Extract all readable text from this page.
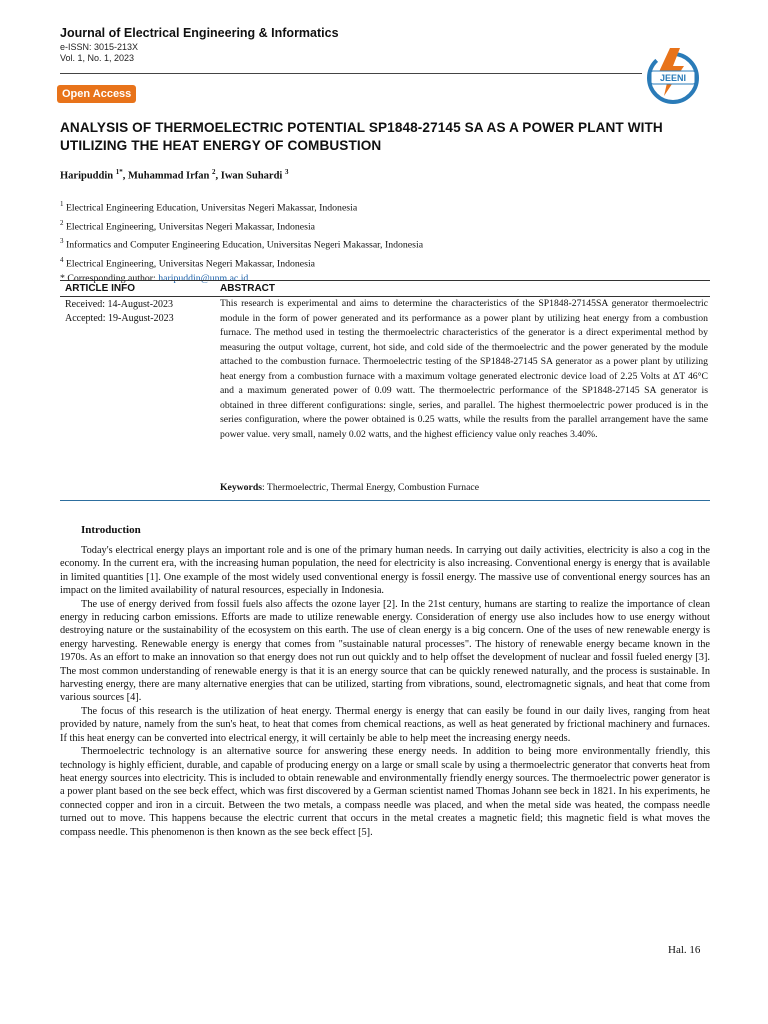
Journal of Electrical Engineering & Informatics
e-ISSN: 3015-213X
Vol. 1, No. 1, 2023
JEENI
Open Access
ANALYSIS OF THERMOELECTRIC POTENTIAL SP1848-27145 SA AS A POWER PLANT WITH UTILIZING THE HEAT ENERGY OF COMBUSTION
Haripuddin $^{1*}$, Muhammad Irfan $^2$, Iwan Suhardi $^3$
$^1$ Electrical Engineering Education, Universitas Negeri Makassar, Indonesia
$^2$ Electrical Engineering, Universitas Negeri Makassar, Indonesia
$^3$ Informatics and Computer Engineering Education, Universitas Negeri Makassar, Indonesia
$^4$ Electrical Engineering, Universitas Negeri Makassar, Indonesia
* Corresponding author: haripuddin@unm.ac.id
ARTICLE INFO	ABSTRACT
Received: 14-August-2023
Accepted: 19-August-2023

This research is experimental and aims to determine the characteristics of the SP1848-27145SA generator thermoelectric module in the form of power generated and its performance as a power plant by utilizing heat energy from a combustion furnace. The method used in testing the thermoelectric characteristics of the generator is a direct experimental method by measuring the output voltage, current, hot side, and cold side of the thermoelectric and the power generated by the module attached to the combustion furnace. Thermoelectric testing of the SP1848-27145 SA generator as a power plant by utilizing heat energy from a combustion furnace with a maximum voltage generated electronic device load of 2.25 Volts at ΔT 46°C and a maximum generated power of 0.09 watt. The thermoelectric performance of the SP1848-27145 SA generator is obtained in three different configurations: single, series, and parallel. The highest thermoelectric power produced is in the series configuration, where the power obtained is 0.25 watts, while the results from the parallel arrangement have the same power value. very small, namely 0.02 watts, and the highest efficiency value only reaches 3.40%.

Keywords: Thermoelectric, Thermal Energy, Combustion Furnace
Introduction

Today's electrical energy plays an important role and is one of the primary human needs. In carrying out daily activities, electricity is also a cog in the economy. In the current era, with the increasing human population, the need for electricity is also increasing. Conventional energy is energy that is available in limited quantities [1]. One example of the most widely used conventional energy is fossil energy. The massive use of conventional energy sources has an impact on the limited availability of natural resources, especially in Indonesia.

The use of energy derived from fossil fuels also affects the ozone layer [2]. In the 21st century, humans are starting to realize the importance of clean energy in reducing carbon emissions. Efforts are made to utilize renewable energy. Consideration of energy use also includes how to use energy without destroying nature or the sustainability of the ecosystem on this earth. The use of clean energy is a big concern. One of the uses of new renewable energy is energy harvesting. Renewable energy is energy that comes from "sustainable natural processes". The history of renewable energy became known in the 1970s. As an effort to make an innovation so that energy does not run out quickly and to help offset the development of nuclear and fossil fueled energy [3]. The most common understanding of renewable energy is that it is an energy source that can be quickly renewed naturally, and the process is sustainable. In harvesting energy, there are many alternative energies that can be utilized, starting from vibrations, sound, electromagnetic signals, and heat that come from various sources [4].

The focus of this research is the utilization of heat energy. Thermal energy is energy that can easily be found in our daily lives, ranging from heat provided by nature, namely from the sun's heat, to heat that comes from chemical reactions, as well as heat generated by frictional machinery and furnaces. If this heat energy can be converted into electrical energy, it will certainly be able to help meet the increasing energy needs.

Thermoelectric technology is an alternative source for answering these energy needs. In addition to being more environmentally friendly, this technology is highly efficient, durable, and capable of producing energy on a large or small scale by using a thermoelectric generator that converts heat from heat energy sources into electricity. This is included to obtain renewable and environmentally friendly energy sources. The thermoelectric power generator is a power plant based on the see beck effect, which was first discovered by a German scientist named Thomas Johann see beck in 1821. In his experiments, he connected copper and iron in a circuit. Between the two metals, a compass needle was placed, and when the metal side was heated, the compass needle turned out to move. This happens because the electric current that occurs in the metal creates a magnetic field; this magnetic field is what moves the compass needle. This phenomenon is then known as the see beck effect [5].

Hal. 16
